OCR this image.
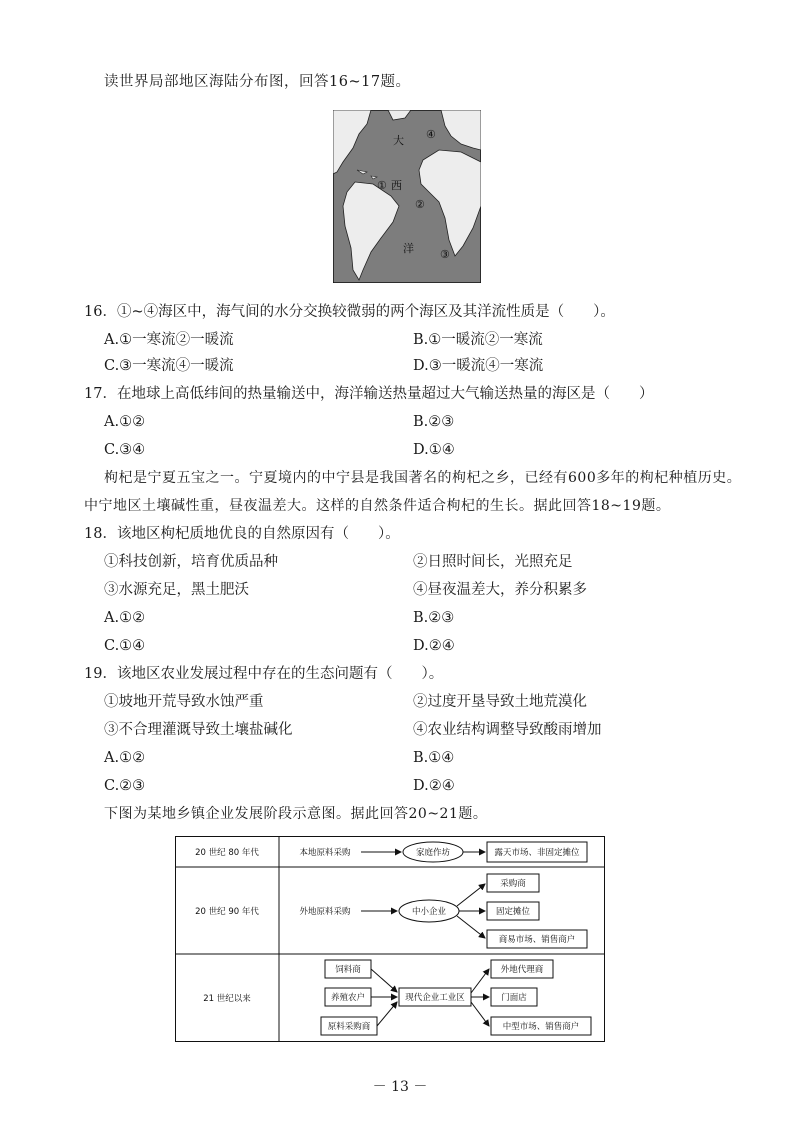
读世界局部地区海陆分布图，回答16~17题。
大 ④
① 西
②
洋 ③
16．①~④海区中，海气间的水分交换较微弱的两个海区及其洋流性质是（　　）。
A.①一寒流②一暖流	B.①一暖流②一寒流
C.③一寒流④一暖流	D.③一暖流④一寒流
17．在地球上高低纬间的热量输送中，海洋输送热量超过大气输送热量的海区是（　　）
A.①②	B.②③
C.③④	D.①④
枸杞是宁夏五宝之一。宁夏境内的中宁县是我国著名的枸杞之乡，已经有600多年的枸杞种植历史。
中宁地区土壤碱性重，昼夜温差大。这样的自然条件适合枸杞的生长。据此回答18~19题。
18．该地区枸杞质地优良的自然原因有（　　）。
①科技创新，培育优质品种	②日照时间长，光照充足
③水源充足，黑土肥沃	④昼夜温差大，养分积累多
A.①②	B.②③
C.①④	D.②④
19．该地区农业发展过程中存在的生态问题有（　　）。
①坡地开荒导致水蚀严重	②过度开垦导致土地荒漠化
③不合理灌溉导致土壤盐碱化	④农业结构调整导致酸雨增加
A.①②	B.①④
C.②③	D.②④
下图为某地乡镇企业发展阶段示意图。据此回答20~21题。
20 世纪 80 年代	本地原料采购	家庭作坊	露天市场、非固定摊位
20 世纪 90 年代	外地原料采购	中小企业
采购商
固定摊位
商易市场、销售商户
21 世纪以来
饲料商
养殖农户
原料采购商
现代企业工业区
外地代理商
门面店
中型市场、销售商户
－ 13 －
